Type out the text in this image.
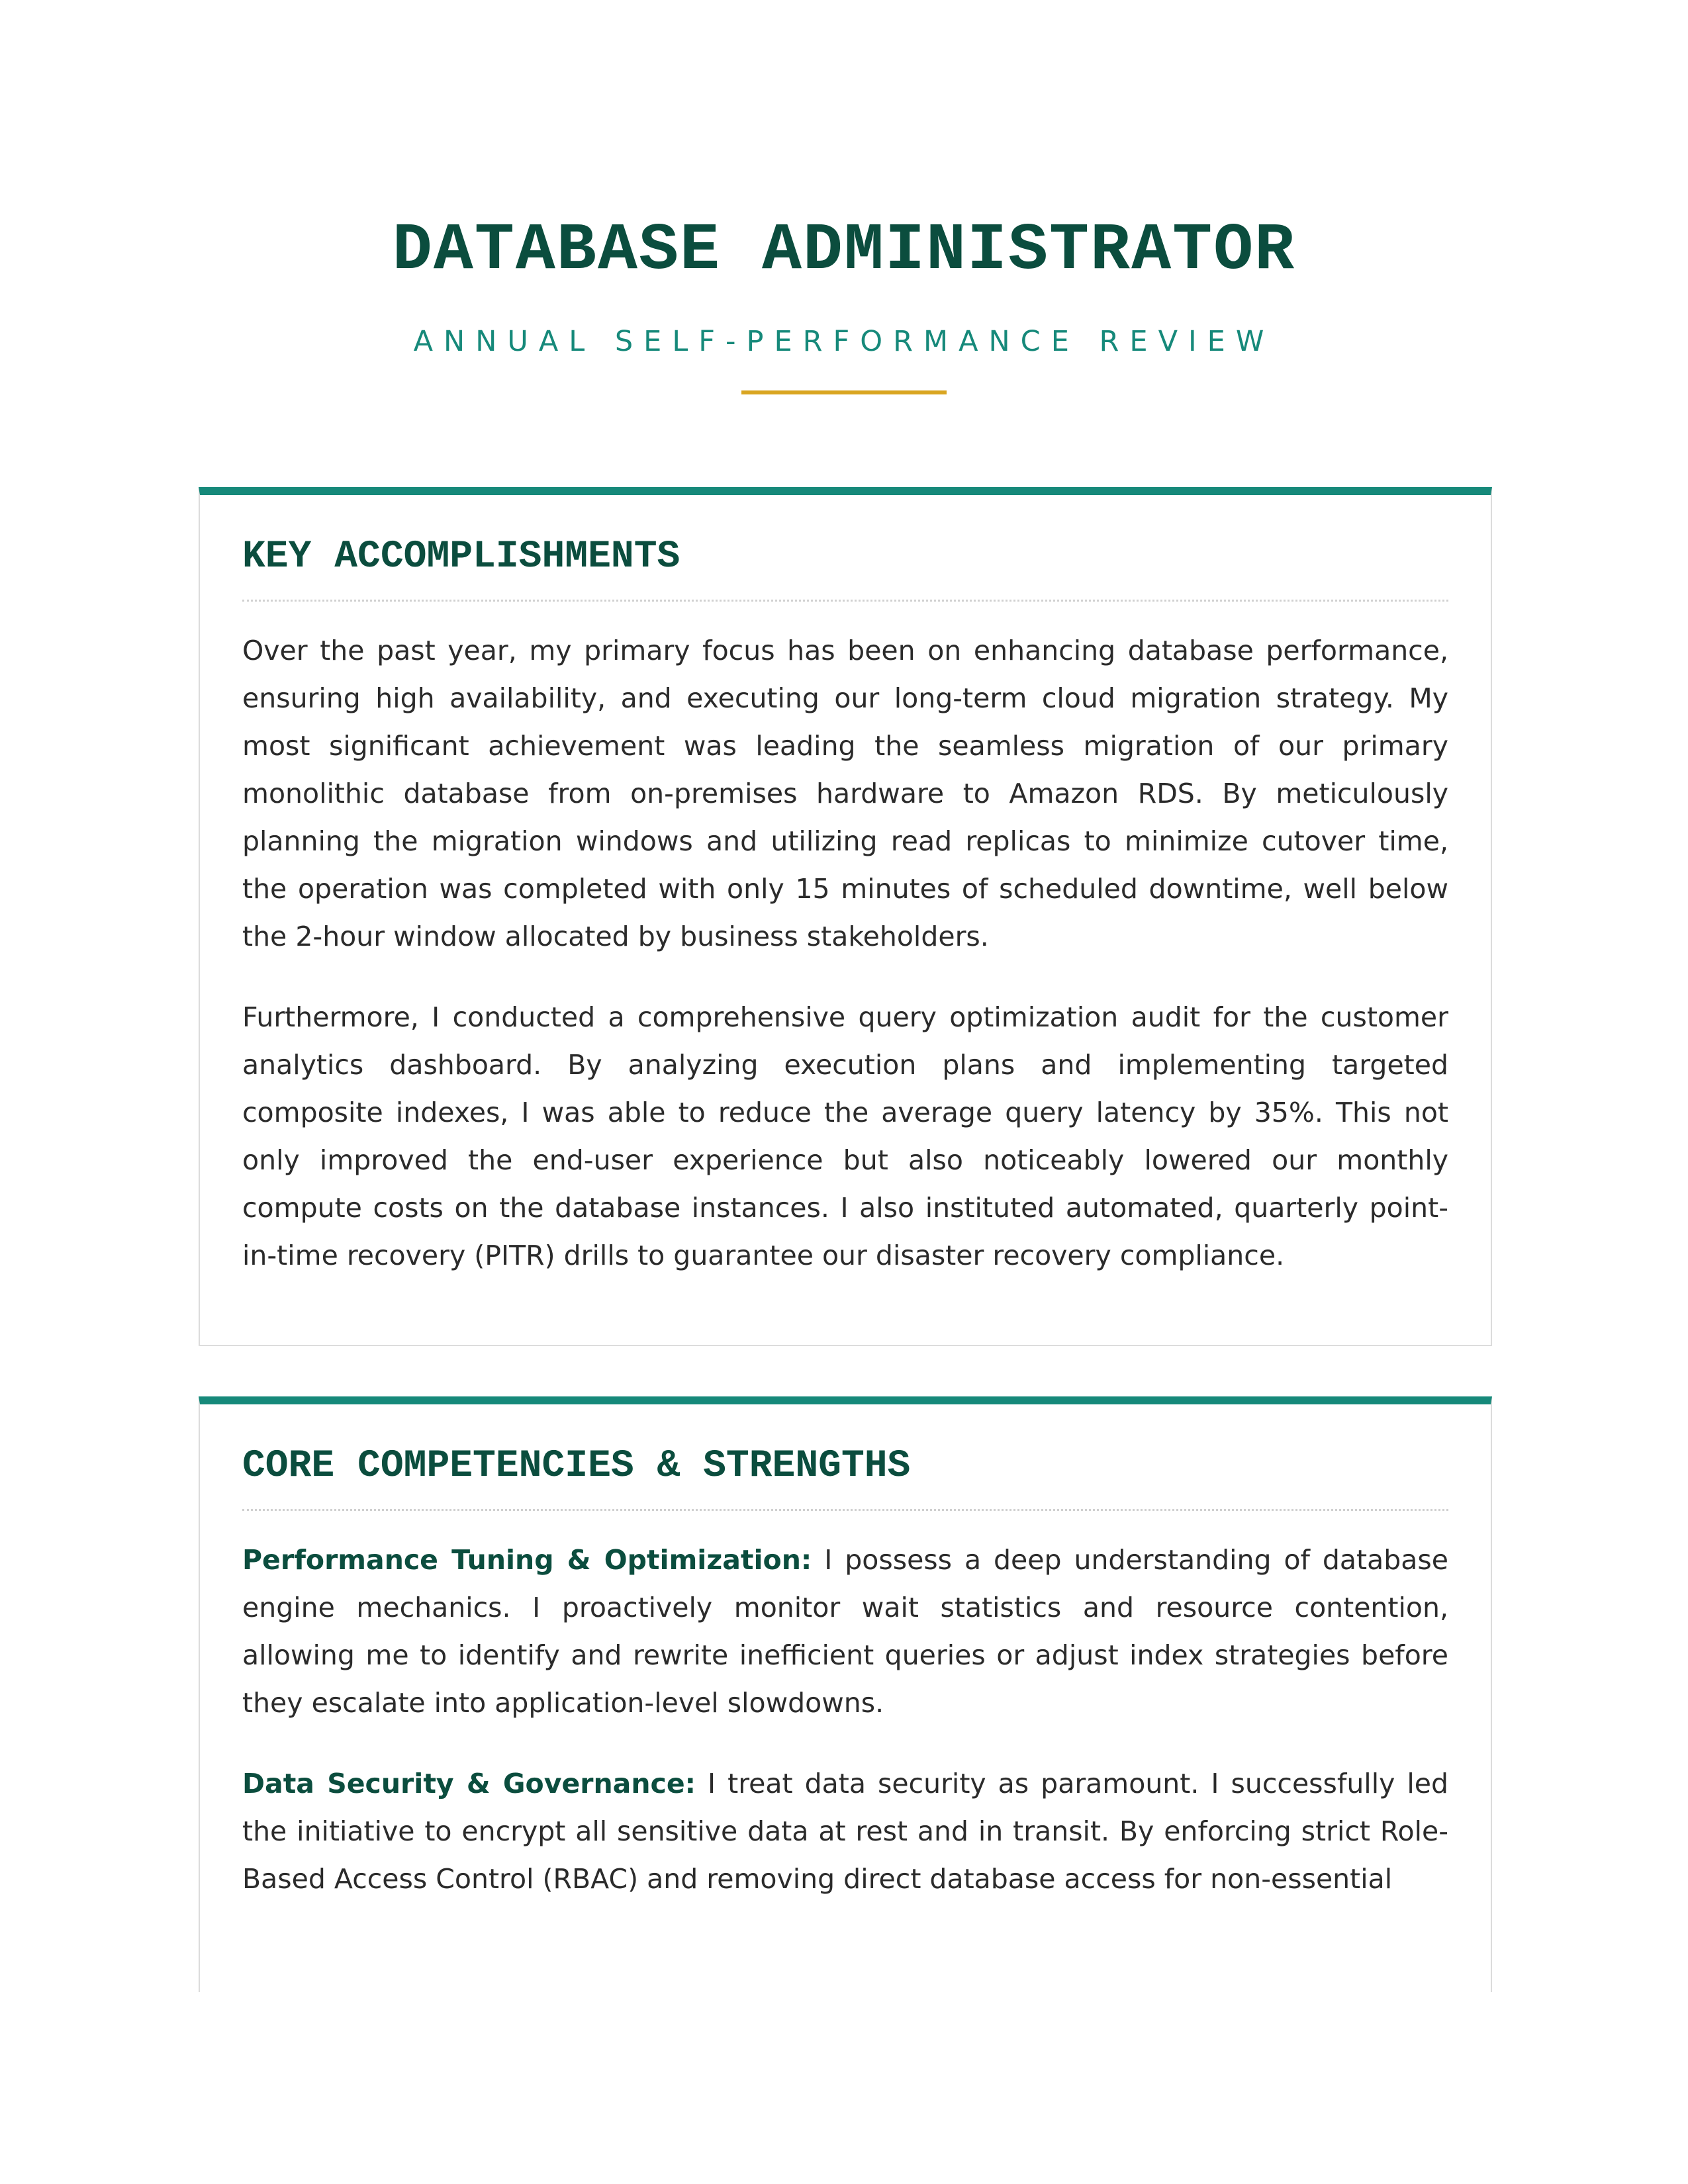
DATABASE ADMINISTRATOR
ANNUAL SELF-PERFORMANCE REVIEW
KEY ACCOMPLISHMENTS

Over the past year, my primary focus has been on enhancing database performance, ensuring high availability, and executing our long-term cloud migration strategy. My most significant achievement was leading the seamless migration of our primary monolithic database from on-premises hardware to Amazon RDS. By meticulously planning the migration windows and utilizing read replicas to minimize cutover time, the operation was completed with only 15 minutes of scheduled downtime, well below the 2-hour window allocated by business stakeholders.

Furthermore, I conducted a comprehensive query optimization audit for the customer analytics dashboard. By analyzing execution plans and implementing targeted composite indexes, I was able to reduce the average query latency by 35%. This not only improved the end-user experience but also noticeably lowered our monthly compute costs on the database instances. I also instituted automated, quarterly point-in-time recovery (PITR) drills to guarantee our disaster recovery compliance.

CORE COMPETENCIES & STRENGTHS

Performance Tuning & Optimization: I possess a deep understanding of database engine mechanics. I proactively monitor wait statistics and resource contention, allowing me to identify and rewrite inefficient queries or adjust index strategies before they escalate into application-level slowdowns.

Data Security & Governance: I treat data security as paramount. I successfully led the initiative to encrypt all sensitive data at rest and in transit. By enforcing strict Role-Based Access Control (RBAC) and removing direct database access for non-essential
